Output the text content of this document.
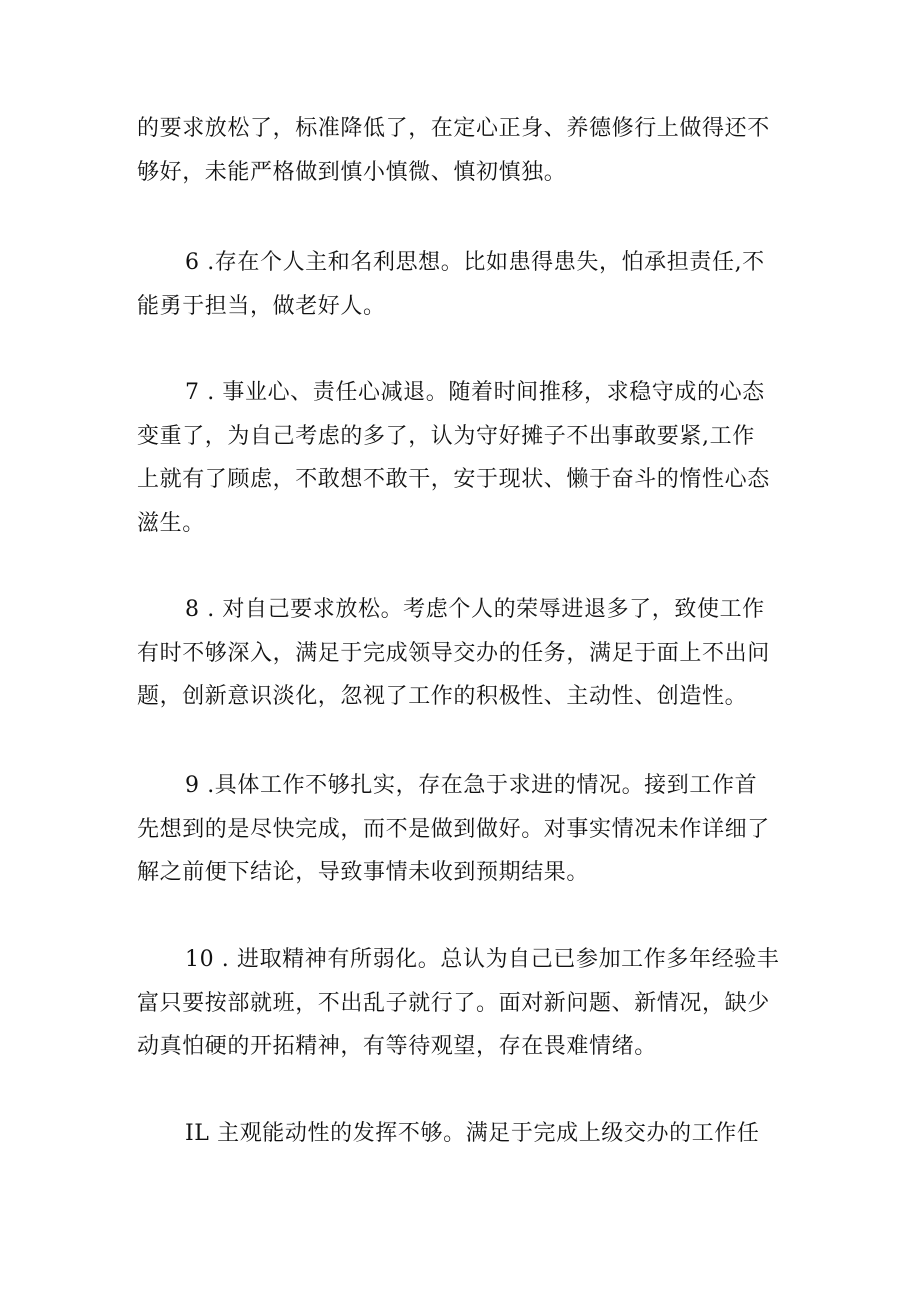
的要求放松了，标准降低了，在定心正身、养德修行上做得还不
够好，未能严格做到慎小慎微、慎初慎独。
6 .存在个人主和名利思想。比如患得患失，怕承担责任,不
能勇于担当，做老好人。
7 . 事业心、责任心减退。随着时间推移，求稳守成的心态
变重了，为自己考虑的多了，认为守好摊子不出事敢要紧,工作
上就有了顾虑，不敢想不敢干，安于现状、懒于奋斗的惰性心态
滋生。
8 . 对自己要求放松。考虑个人的荣辱进退多了，致使工作
有时不够深入，满足于完成领导交办的任务，满足于面上不出问
题，创新意识淡化，忽视了工作的积极性、主动性、创造性。
9 .具体工作不够扎实，存在急于求进的情况。接到工作首
先想到的是尽快完成，而不是做到做好。对事实情况未作详细了
解之前便下结论，导致事情未收到预期结果。
10 . 进取精神有所弱化。总认为自己已参加工作多年经验丰
富只要按部就班，不出乱子就行了。面对新问题、新情况，缺少
动真怕硬的开拓精神，有等待观望，存在畏难情绪。
IL 主观能动性的发挥不够。满足于完成上级交办的工作任
